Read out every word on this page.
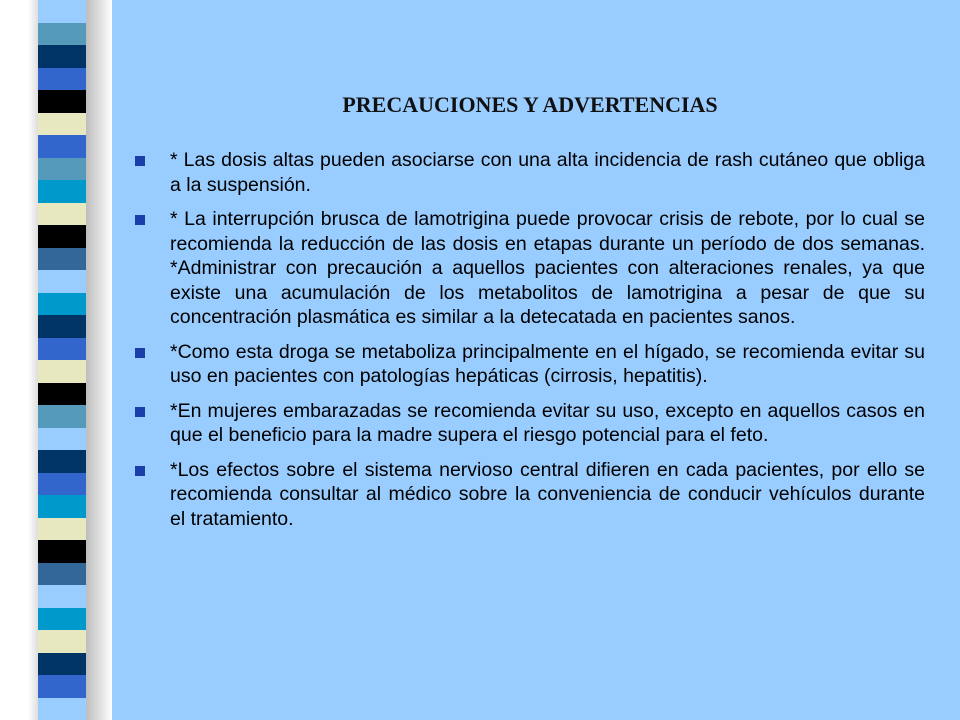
PRECAUCIONES Y ADVERTENCIAS
* Las dosis altas pueden asociarse con una alta incidencia de rash cutáneo que obliga a la suspensión.
* La interrupción brusca de lamotrigina puede provocar crisis de rebote, por lo cual se recomienda la reducción de las dosis en etapas durante un período de dos semanas. *Administrar con precaución a aquellos pacientes con alteraciones renales, ya que existe una acumulación de los metabolitos de lamotrigina a pesar de que su concentración plasmática es similar a la detecatada en pacientes sanos.
*Como esta droga se metaboliza principalmente en el hígado, se recomienda evitar su uso en pacientes con patologías hepáticas (cirrosis, hepatitis).
*En mujeres embarazadas se recomienda evitar su uso, excepto en aquellos casos en que el beneficio para la madre supera el riesgo potencial para el feto.
*Los efectos sobre el sistema nervioso central difieren en cada pacientes, por ello se recomienda consultar al médico sobre la conveniencia de conducir vehículos durante el tratamiento.
